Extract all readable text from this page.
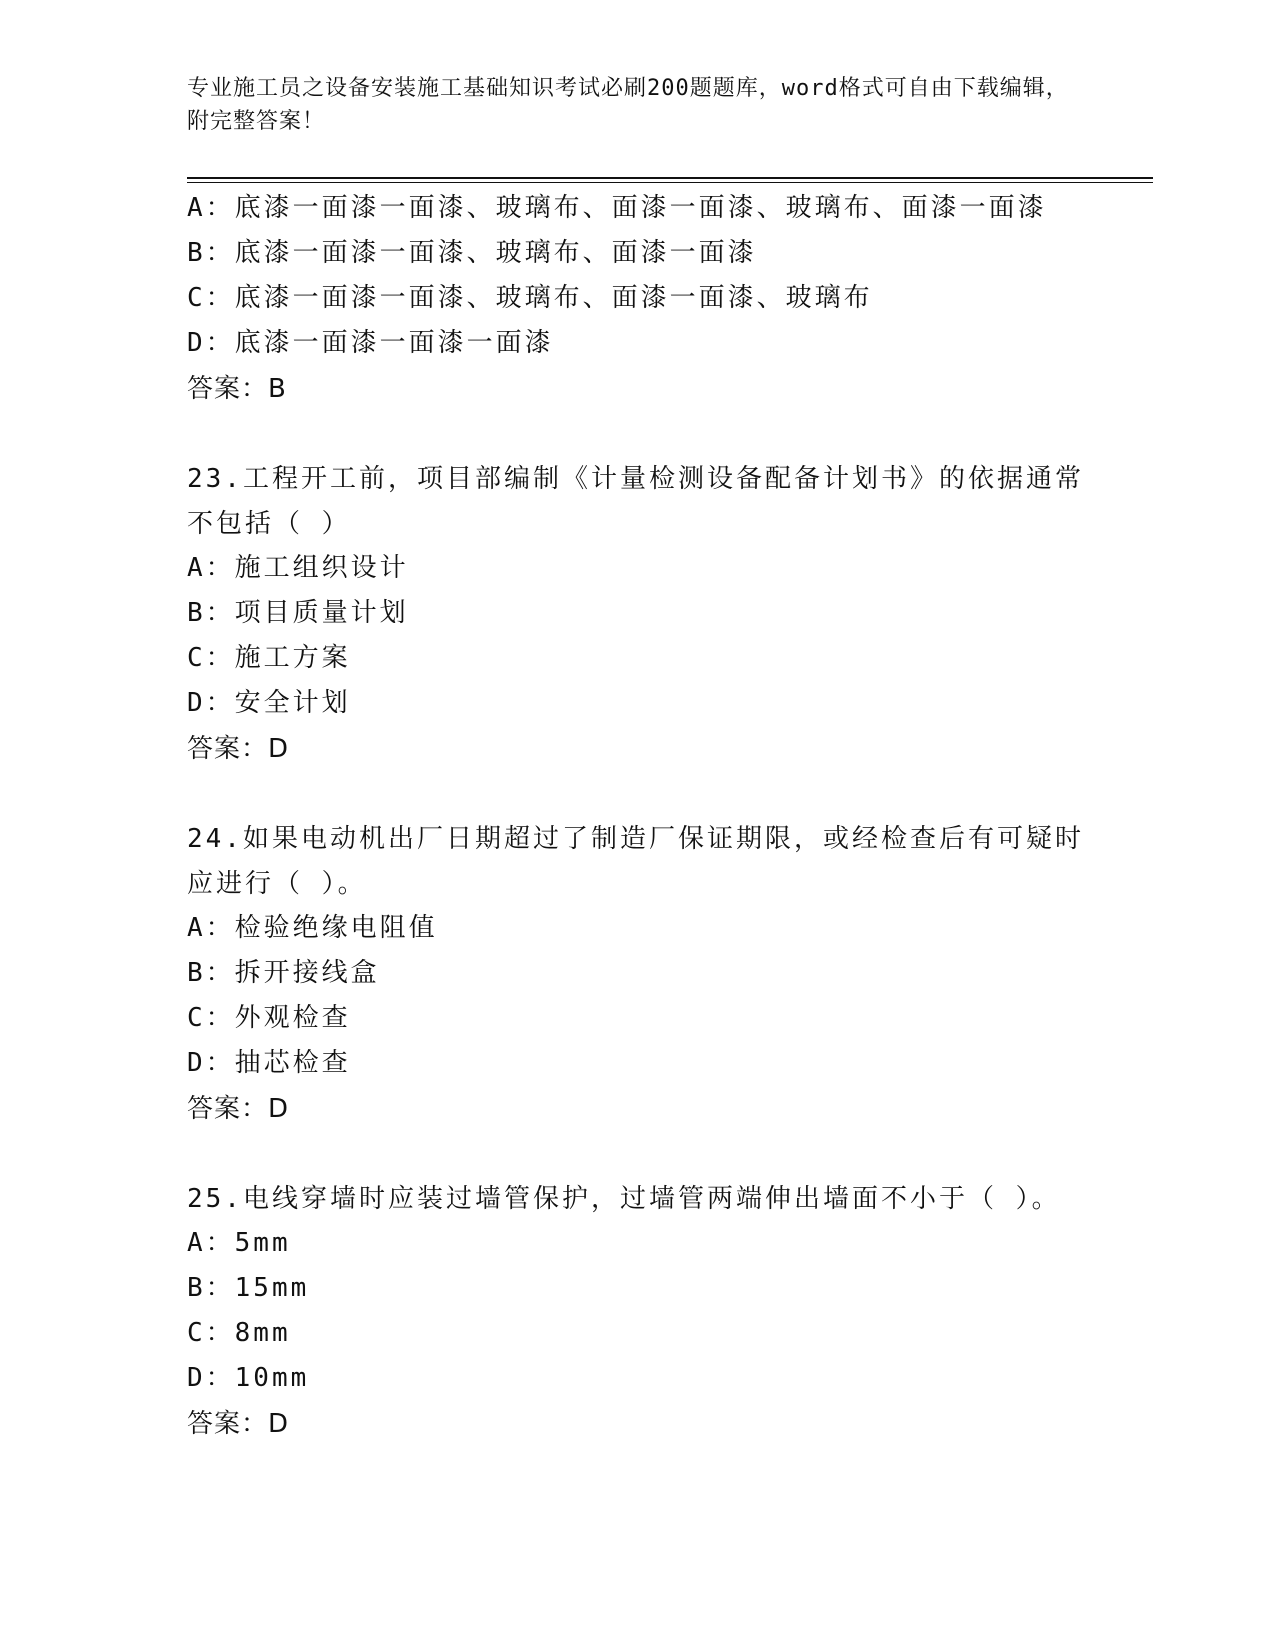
专业施工员之设备安装施工基础知识考试必刷200题题库，word格式可自由下载编辑，附完整答案！
A：底漆一面漆一面漆、玻璃布、面漆一面漆、玻璃布、面漆一面漆
B：底漆一面漆一面漆、玻璃布、面漆一面漆
C：底漆一面漆一面漆、玻璃布、面漆一面漆、玻璃布
D：底漆一面漆一面漆一面漆
答案：B
23.工程开工前，项目部编制《计量检测设备配备计划书》的依据通常不包括（ ）
A：施工组织设计
B：项目质量计划
C：施工方案
D：安全计划
答案：D
24.如果电动机出厂日期超过了制造厂保证期限，或经检查后有可疑时应进行（ ）。
A：检验绝缘电阻值
B：拆开接线盒
C：外观检查
D：抽芯检查
答案：D
25.电线穿墙时应装过墙管保护，过墙管两端伸出墙面不小于（ ）。
A：5mm
B：15mm
C：8mm
D：10mm
答案：D
